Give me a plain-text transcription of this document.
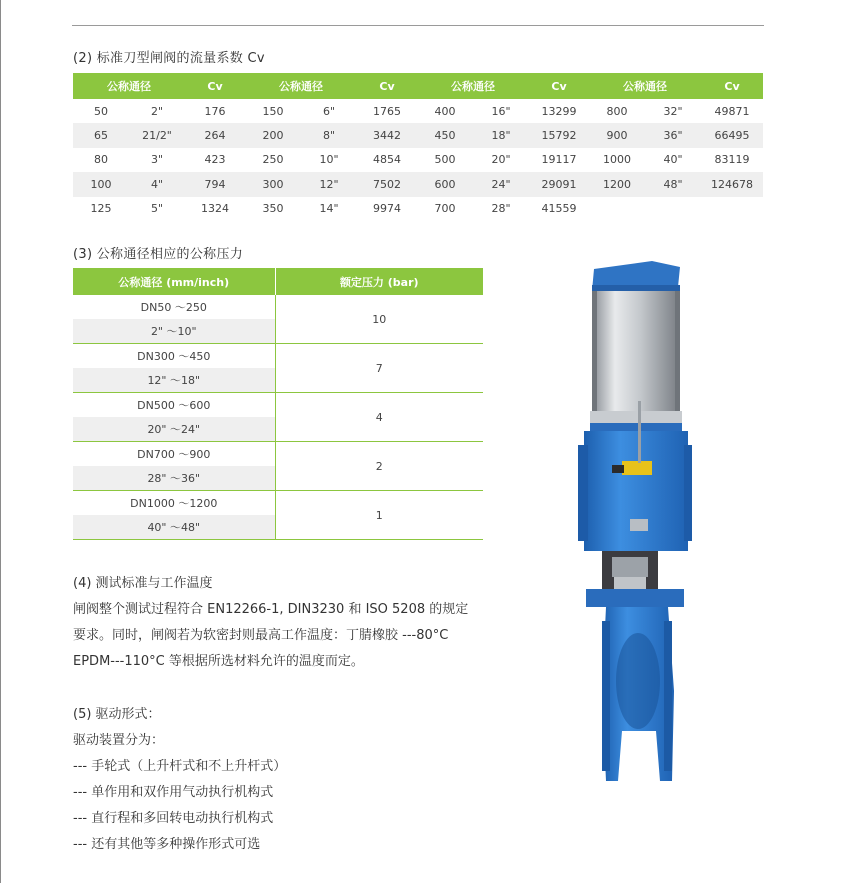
(2) 标准刀型闸阀的流量系数 Cv
公称通径		Cv	公称通径		Cv	公称通径		Cv	公称通径		Cv
50	2"	176	150	6"	1765	400	16"	13299	800	32"	49871
65	21/2"	264	200	8"	3442	450	18"	15792	900	36"	66495
80	3"	423	250	10"	4854	500	20"	19117	1000	40"	83119
100	4"	794	300	12"	7502	600	24"	29091	1200	48"	124678
125	5"	1324	350	14"	9974	700	28"	41559			
(3) 公称通径相应的公称压力
公称通径 (mm/inch)	额定压力 (bar)
DN50 ～250	10
2" ～10"	
DN300 ～450	7
12" ～18"	
DN500 ～600	4
20" ～24"	
DN700 ～900	2
28" ～36"	
DN1000 ～1200	1
40" ～48"	
(4) 测试标准与工作温度
闸阀整个测试过程符合 EN12266-1, DIN3230 和 ISO 5208 的规定
要求。同时，闸阀若为软密封则最高工作温度：丁腈橡胶 ---80°C
EPDM---110°C 等根据所选材料允许的温度而定。
(5) 驱动形式：
驱动装置分为：
--- 手轮式（上升杆式和不上升杆式）
--- 单作用和双作用气动执行机构式
--- 直行程和多回转电动执行机构式
--- 还有其他等多种操作形式可选
